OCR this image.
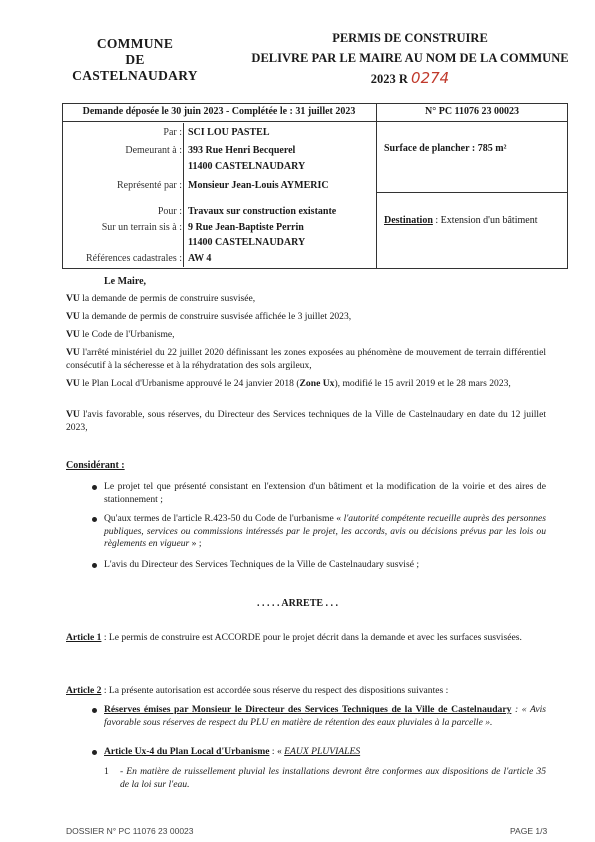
COMMUNE
DE
CASTELNAUDARY
PERMIS DE CONSTRUIRE
DELIVRE PAR LE MAIRE AU NOM DE LA COMMUNE
2023 R 0274
Demande déposée le 30 juin 2023 - Complétée le : 31 juillet 2023	N° PC 11076 23 00023
Par : SCI LOU PASTEL
Demeurant à : 393 Rue Henri Becquerel
11400 CASTELNAUDARY
Représenté par : Monsieur Jean-Louis AYMERIC
Pour : Travaux sur construction existante
Sur un terrain sis à : 9 Rue Jean-Baptiste Perrin
11400 CASTELNAUDARY
Références cadastrales : AW 4
Surface de plancher : 785 m²
Destination : Extension d'un bâtiment
Le Maire,
VU la demande de permis de construire susvisée,
VU la demande de permis de construire susvisée affichée le 3 juillet 2023,
VU le Code de l'Urbanisme,
VU l'arrêté ministériel du 22 juillet 2020 définissant les zones exposées au phénomène de mouvement de terrain différentiel consécutif à la sécheresse et à la réhydratation des sols argileux,
VU le Plan Local d'Urbanisme approuvé le 24 janvier 2018 (Zone Ux), modifié le 15 avril 2019 et le 28 mars 2023,
VU l'avis favorable, sous réserves, du Directeur des Services techniques de la Ville de Castelnaudary en date du 12 juillet 2023,
Considérant :
Le projet tel que présenté consistant en l'extension d'un bâtiment et la modification de la voirie et des aires de stationnement ;
Qu'aux termes de l'article R.423-50 du Code de l'urbanisme « l'autorité compétente recueille auprès des personnes publiques, services ou commissions intéressés par le projet, les accords, avis ou décisions prévus par les lois ou règlements en vigueur » ;
L'avis du Directeur des Services Techniques de la Ville de Castelnaudary susvisé ;
. . . . . ARRETE . . .
Article 1 : Le permis de construire est ACCORDE pour le projet décrit dans la demande et avec les surfaces susvisées.
Article 2 : La présente autorisation est accordée sous réserve du respect des dispositions suivantes :
Réserves émises par Monsieur le Directeur des Services Techniques de la Ville de Castelnaudary : « Avis favorable sous réserves de respect du PLU en matière de rétention des eaux pluviales à la parcelle ».
Article Ux-4 du Plan Local d'Urbanisme : « EAUX PLUVIALES
1	- En matière de ruissellement pluvial les installations devront être conformes aux dispositions de l'article 35 de la loi sur l'eau.
DOSSIER N° PC 11076 23 00023	PAGE 1/3
